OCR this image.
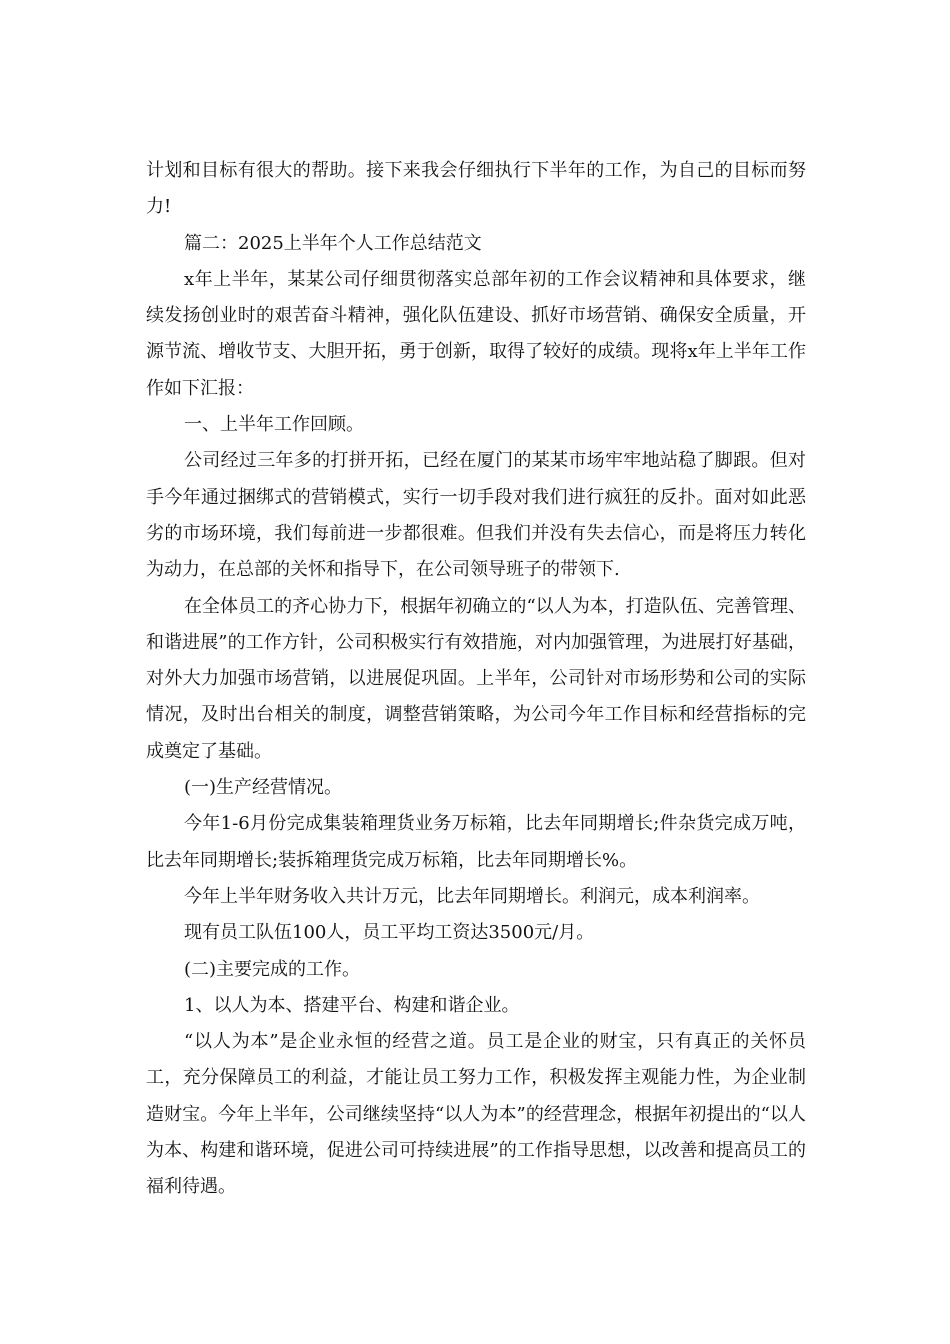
计划和目标有很大的帮助。接下来我会仔细执行下半年的工作，为自己的目标而努力!

篇二：2025上半年个人工作总结范文

x年上半年，某某公司仔细贯彻落实总部年初的工作会议精神和具体要求，继续发扬创业时的艰苦奋斗精神，强化队伍建设、抓好市场营销、确保安全质量，开源节流、增收节支、大胆开拓，勇于创新，取得了较好的成绩。现将x年上半年工作作如下汇报：

一、上半年工作回顾。

公司经过三年多的打拼开拓，已经在厦门的某某市场牢牢地站稳了脚跟。但对手今年通过捆绑式的营销模式，实行一切手段对我们进行疯狂的反扑。面对如此恶劣的市场环境，我们每前进一步都很难。但我们并没有失去信心，而是将压力转化为动力，在总部的关怀和指导下，在公司领导班子的带领下.

在全体员工的齐心协力下，根据年初确立的“以人为本，打造队伍、完善管理、和谐进展”的工作方针，公司积极实行有效措施，对内加强管理，为进展打好基础，对外大力加强市场营销，以进展促巩固。上半年，公司针对市场形势和公司的实际情况，及时出台相关的制度，调整营销策略，为公司今年工作目标和经营指标的完成奠定了基础。

(一)生产经营情况。

今年1-6月份完成集装箱理货业务万标箱，比去年同期增长;件杂货完成万吨，比去年同期增长;装拆箱理货完成万标箱，比去年同期增长%。

今年上半年财务收入共计万元，比去年同期增长。利润元，成本利润率。

现有员工队伍100人，员工平均工资达3500元/月。

(二)主要完成的工作。

1、以人为本、搭建平台、构建和谐企业。

“以人为本”是企业永恒的经营之道。员工是企业的财宝，只有真正的关怀员工，充分保障员工的利益，才能让员工努力工作，积极发挥主观能力性，为企业制造财宝。今年上半年，公司继续坚持“以人为本”的经营理念，根据年初提出的“以人为本、构建和谐环境，促进公司可持续进展”的工作指导思想，以改善和提高员工的福利待遇。
